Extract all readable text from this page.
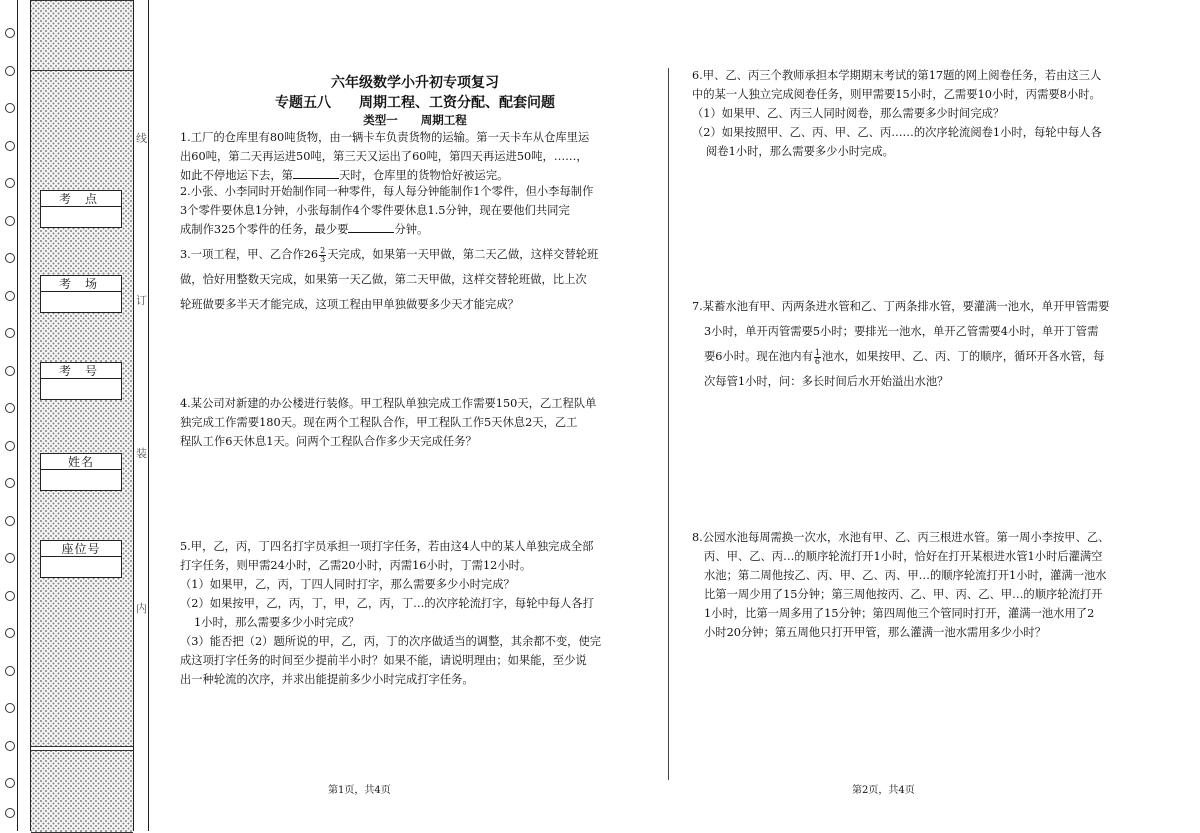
线
订
装
内
考点
考场
考号
姓名
座位号
六年级数学小升初专项复习
专题五八　　周期工程、工资分配、配套问题
类型一　　周期工程

1.工厂的仓库里有80吨货物，由一辆卡车负责货物的运输。第一天卡车从仓库里运

出60吨，第二天再运进50吨，第三天又运出了60吨，第四天再运进50吨，……，

如此不停地运下去，第	天时，仓库里的货物恰好被运完。

2.小张、小李同时开始制作同一种零件，每人每分钟能制作1个零件，但小李每制作

3个零件要休息1分钟，小张每制作4个零件要休息1.5分钟，现在要他们共同完

成制作325个零件的任务，最少要	分钟。

3.一项工程，甲、乙合作$26 \frac{2}{3}$ 天完成，如果第一天甲做，第二天乙做，这样交替轮班

做，恰好用整数天完成，如果第一天乙做，第二天甲做，这样交替轮班做，比上次

轮班做要多半天才能完成，这项工程由甲单独做要多少天才能完成？

4.某公司对新建的办公楼进行装修。甲工程队单独完成工作需要150天，乙工程队单

独完成工作需要180天。现在两个工程队合作，甲工程队工作5天休息2天，乙工

程队工作6天休息1天。问两个工程队合作多少天完成任务？

5.甲，乙，丙，丁四名打字员承担一项打字任务，若由这4人中的某人单独完成全部

打字任务，则甲需24小时，乙需20小时，丙需16小时，丁需12小时。

（1）如果甲，乙，丙，丁四人同时打字，那么需要多少小时完成？

（2）如果按甲，乙，丙，丁，甲，乙，丙，丁…的次序轮流打字，每轮中每人各打

1小时，那么需要多少小时完成？

（3）能否把（2）题所说的甲，乙，丙，丁的次序做适当的调整，其余都不变，使完

成这项打字任务的时间至少提前半小时？如果不能，请说明理由；如果能，至少说

出一种轮流的次序，并求出能提前多少小时完成打字任务。

6.甲、乙、丙三个教师承担本学期期末考试的第17题的网上阅卷任务，若由这三人

中的某一人独立完成阅卷任务，则甲需要15小时，乙需要10小时，丙需要8小时。

（1）如果甲、乙、丙三人同时阅卷，那么需要多少时间完成？

（2）如果按照甲、乙、丙、甲、乙、丙……的次序轮流阅卷1小时，每轮中每人各

阅卷1小时，那么需要多少小时完成。

7.某蓄水池有甲、丙两条进水管和乙、丁两条排水管，要灌满一池水，单开甲管需要

3小时，单开丙管需要5小时；要排光一池水，单开乙管需要4小时，单开丁管需

要6小时。现在池内有 $\frac{1}{6}$ 池水，如果按甲、乙、丙、丁的顺序，循环开各水管，每

次每管1小时，问：多长时间后水开始溢出水池？

8.公园水池每周需换一次水，水池有甲、乙、丙三根进水管。第一周小李按甲、乙、

丙、甲、乙、丙…的顺序轮流打开1小时，恰好在打开某根进水管1小时后灌满空

水池；第二周他按乙、丙、甲、乙、丙、甲…的顺序轮流打开1小时，灌满一池水

比第一周少用了15分钟；第三周他按丙、乙、甲、丙、乙、甲…的顺序轮流打开

1小时，比第一周多用了15分钟；第四周他三个管同时打开，灌满一池水用了2

小时20分钟；第五周他只打开甲管，那么灌满一池水需用多少小时？

第1页，共4页	第2页，共4页
